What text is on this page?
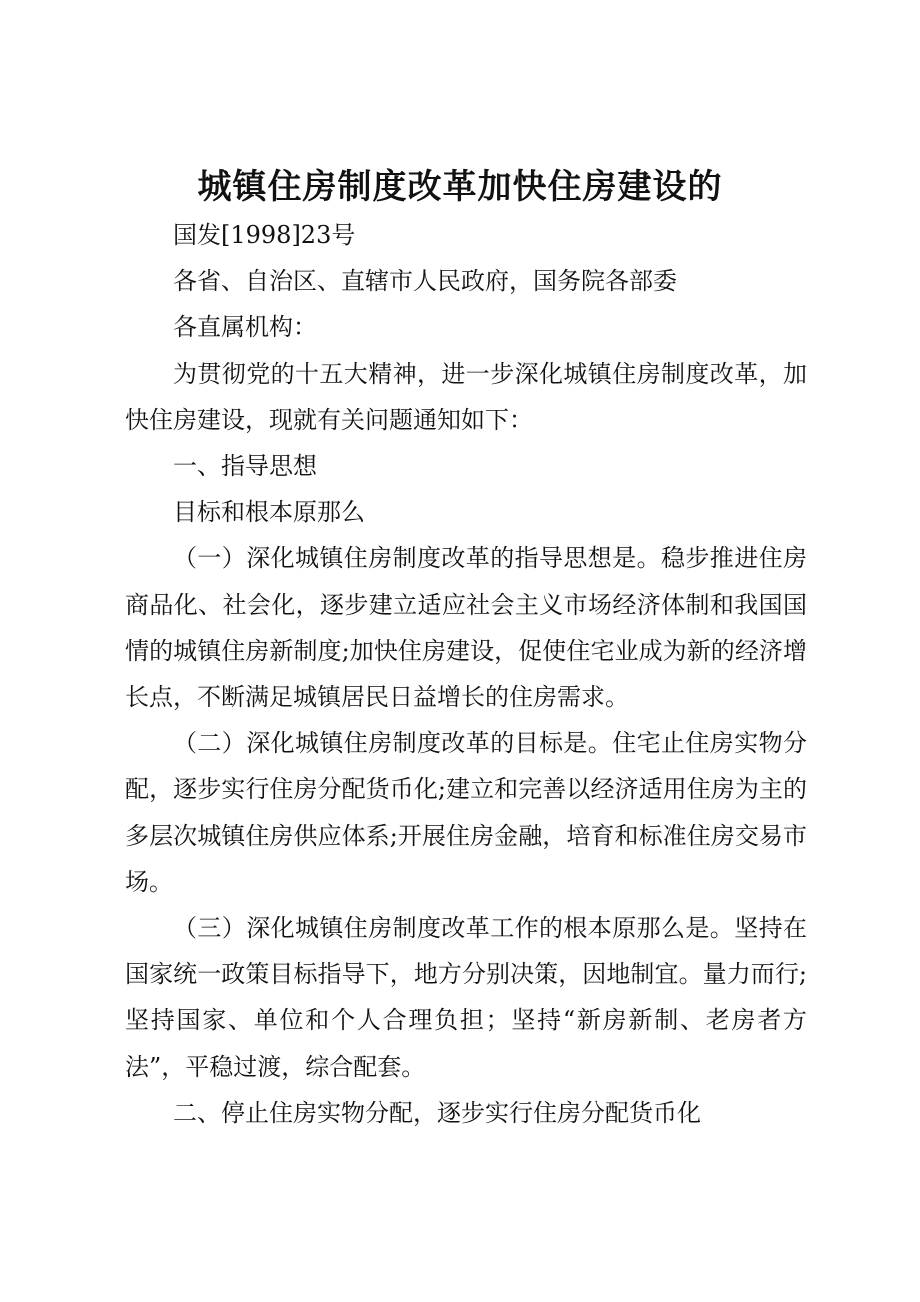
城镇住房制度改革加快住房建设的

国发[1998]23号

各省、自治区、直辖市人民政府，国务院各部委

各直属机构：

为贯彻党的十五大精神，进一步深化城镇住房制度改革，加快住房建设，现就有关问题通知如下：

一、指导思想

目标和根本原那么

（一）深化城镇住房制度改革的指导思想是。稳步推进住房商品化、社会化，逐步建立适应社会主义市场经济体制和我国国情的城镇住房新制度;加快住房建设，促使住宅业成为新的经济增长点，不断满足城镇居民日益增长的住房需求。

（二）深化城镇住房制度改革的目标是。住宅止住房实物分配，逐步实行住房分配货币化;建立和完善以经济适用住房为主的多层次城镇住房供应体系;开展住房金融，培育和标准住房交易市场。

（三）深化城镇住房制度改革工作的根本原那么是。坚持在国家统一政策目标指导下，地方分别决策，因地制宜。量力而行;坚持国家、单位和个人合理负担；坚持“新房新制、老房者方法”，平稳过渡，综合配套。

二、停止住房实物分配，逐步实行住房分配货币化
